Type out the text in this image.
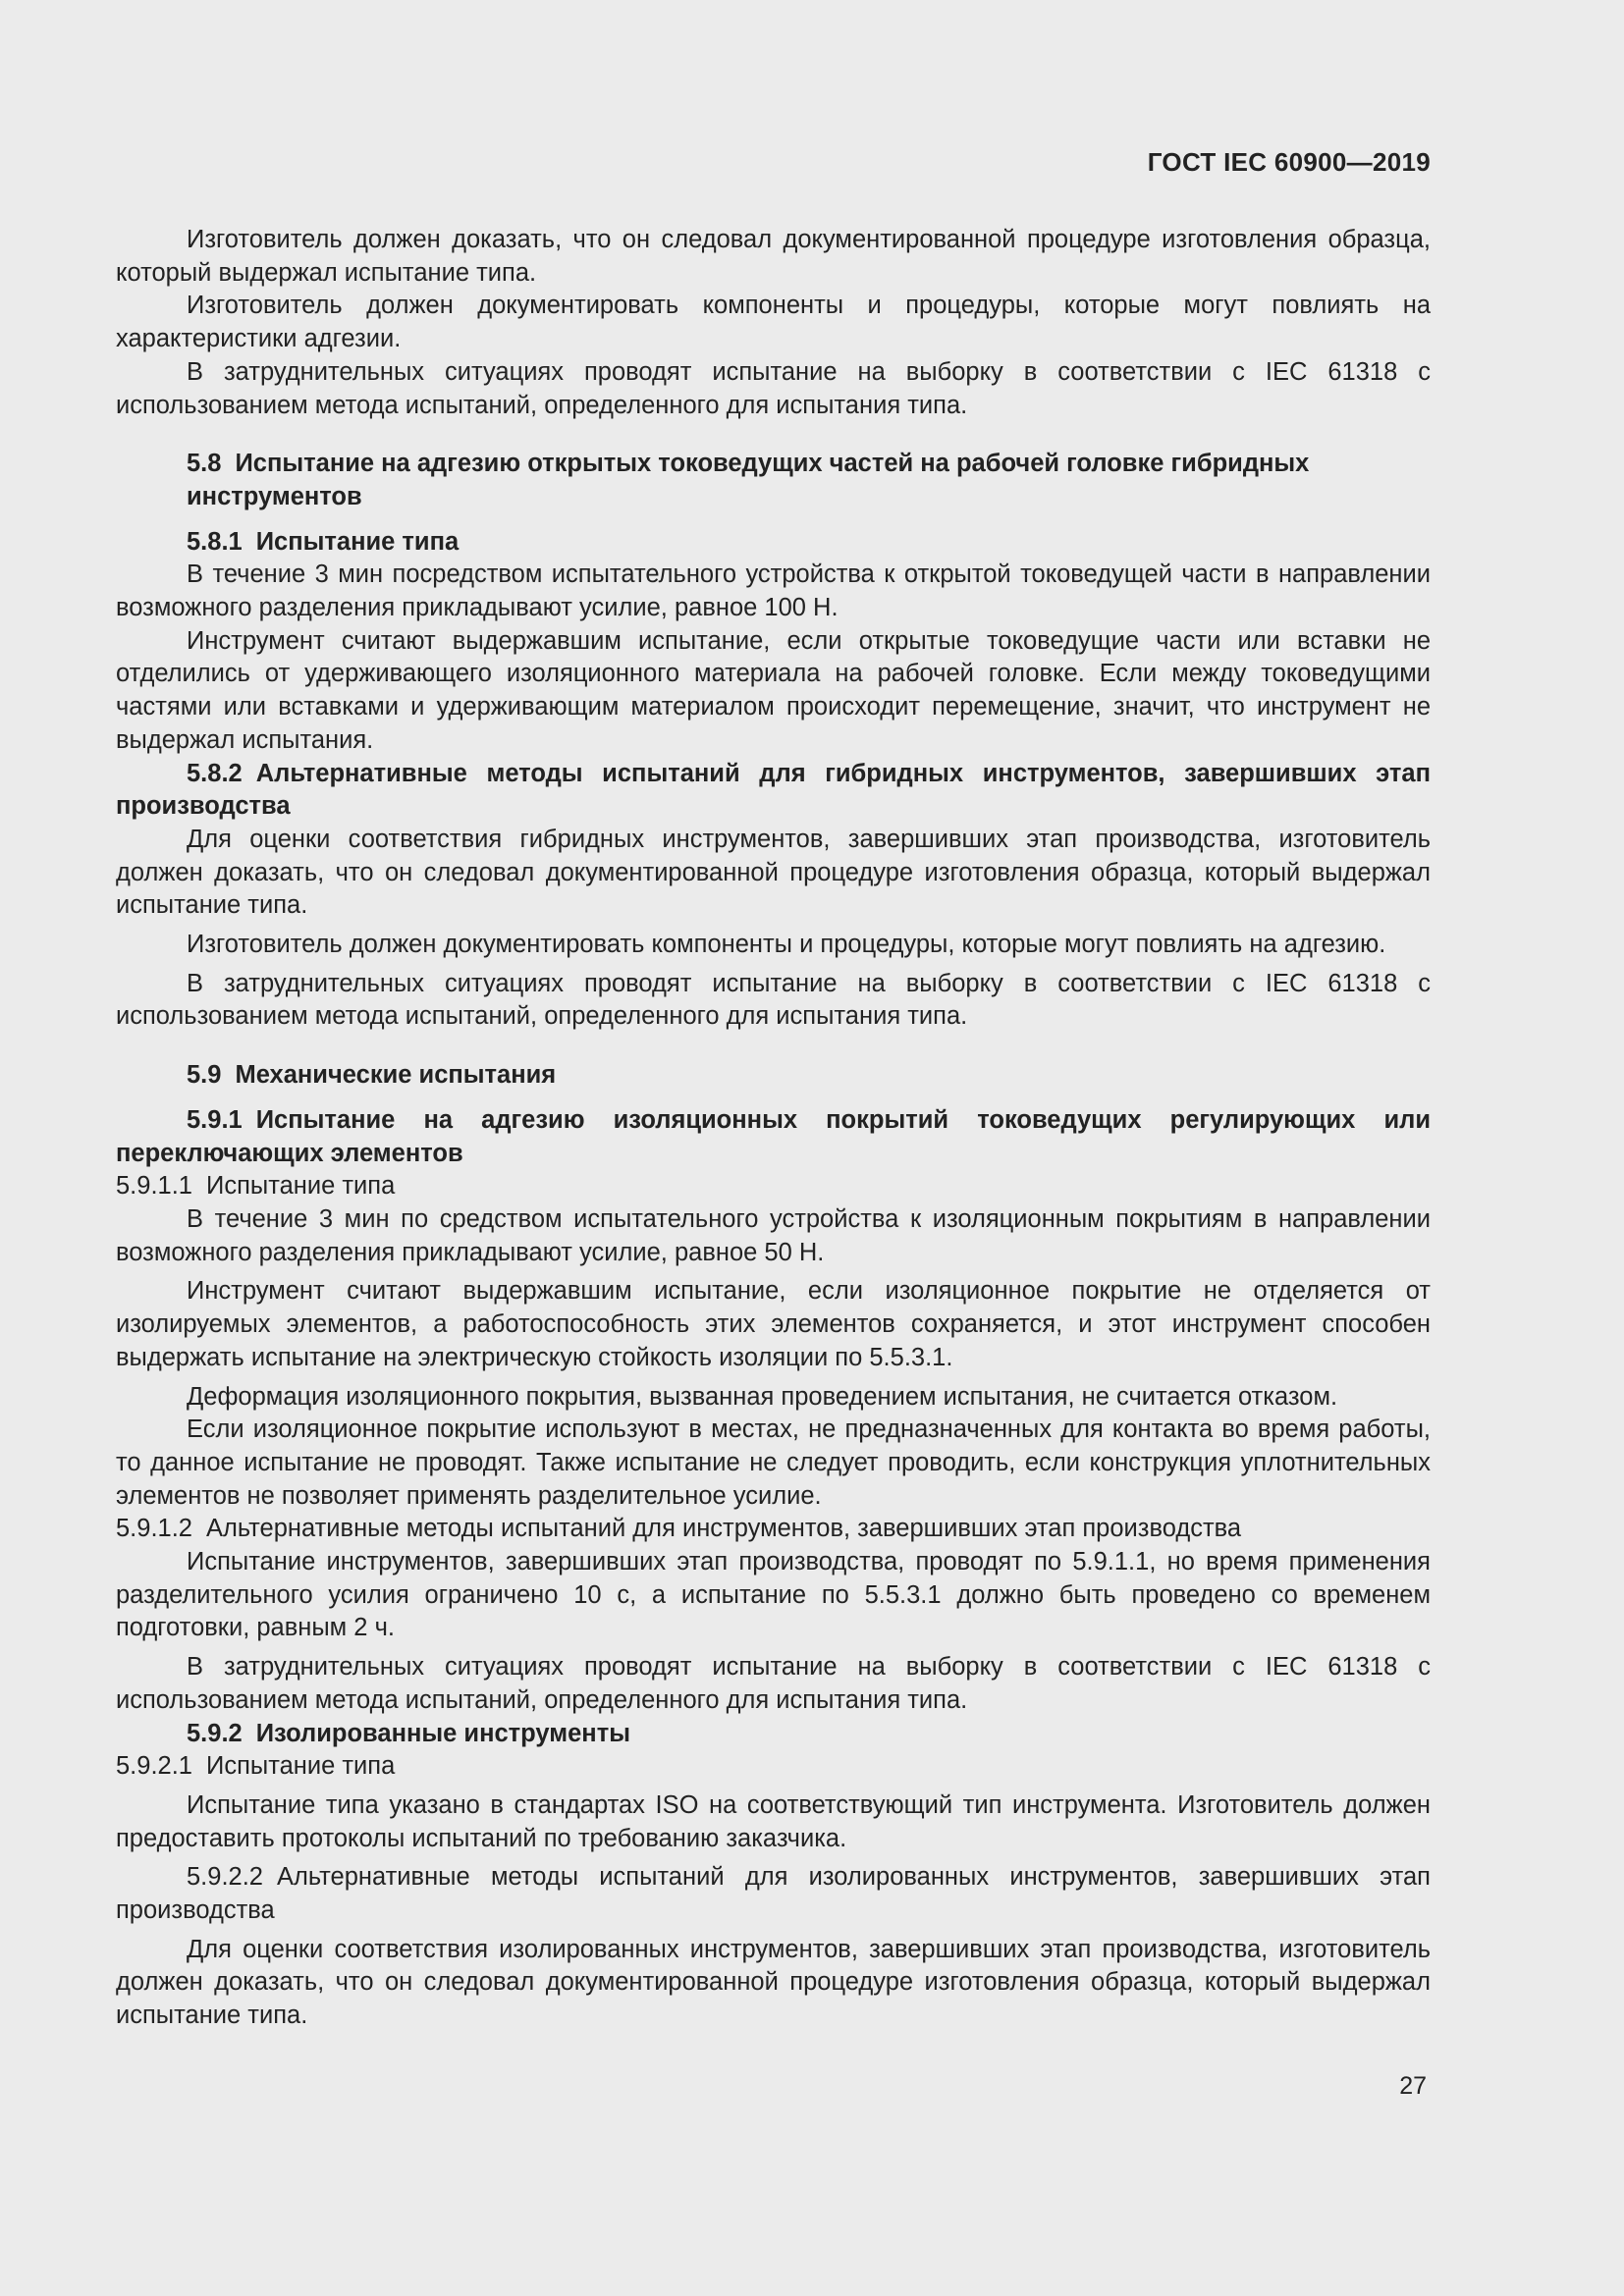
ГОСТ IEC 60900—2019

Изготовитель должен доказать, что он следовал документированной процедуре изготовления образца, который выдержал испытание типа.

Изготовитель должен документировать компоненты и процедуры, которые могут повлиять на характеристики адгезии.

В затруднительных ситуациях проводят испытание на выборку в соответствии с IEC 61318 с использованием метода испытаний, определенного для испытания типа.

5.8 Испытание на адгезию открытых токоведущих частей на рабочей головке гибридных инструментов

5.8.1 Испытание типа

В течение 3 мин посредством испытательного устройства к открытой токоведущей части в направлении возможного разделения прикладывают усилие, равное 100 Н.

Инструмент считают выдержавшим испытание, если открытые токоведущие части или вставки не отделились от удерживающего изоляционного материала на рабочей головке. Если между токоведущими частями или вставками и удерживающим материалом происходит перемещение, значит, что инструмент не выдержал испытания.

5.8.2 Альтернативные методы испытаний для гибридных инструментов, завершивших этап производства

Для оценки соответствия гибридных инструментов, завершивших этап производства, изготовитель должен доказать, что он следовал документированной процедуре изготовления образца, который выдержал испытание типа.

Изготовитель должен документировать компоненты и процедуры, которые могут повлиять на адгезию.

В затруднительных ситуациях проводят испытание на выборку в соответствии с IEC 61318 с использованием метода испытаний, определенного для испытания типа.

5.9 Механические испытания

5.9.1 Испытание на адгезию изоляционных покрытий токоведущих регулирующих или переключающих элементов

5.9.1.1 Испытание типа

В течение 3 мин по средством испытательного устройства к изоляционным покрытиям в направлении возможного разделения прикладывают усилие, равное 50 Н.

Инструмент считают выдержавшим испытание, если изоляционное покрытие не отделяется от изолируемых элементов, а работоспособность этих элементов сохраняется, и этот инструмент способен выдержать испытание на электрическую стойкость изоляции по 5.5.3.1.

Деформация изоляционного покрытия, вызванная проведением испытания, не считается отказом.

Если изоляционное покрытие используют в местах, не предназначенных для контакта во время работы, то данное испытание не проводят. Также испытание не следует проводить, если конструкция уплотнительных элементов не позволяет применять разделительное усилие.

5.9.1.2 Альтернативные методы испытаний для инструментов, завершивших этап производства

Испытание инструментов, завершивших этап производства, проводят по 5.9.1.1, но время применения разделительного усилия ограничено 10 с, а испытание по 5.5.3.1 должно быть проведено со временем подготовки, равным 2 ч.

В затруднительных ситуациях проводят испытание на выборку в соответствии с IEC 61318 с использованием метода испытаний, определенного для испытания типа.

5.9.2 Изолированные инструменты

5.9.2.1 Испытание типа

Испытание типа указано в стандартах ISO на соответствующий тип инструмента. Изготовитель должен предоставить протоколы испытаний по требованию заказчика.

5.9.2.2 Альтернативные методы испытаний для изолированных инструментов, завершивших этап производства

Для оценки соответствия изолированных инструментов, завершивших этап производства, изготовитель должен доказать, что он следовал документированной процедуре изготовления образца, который выдержал испытание типа.

27
